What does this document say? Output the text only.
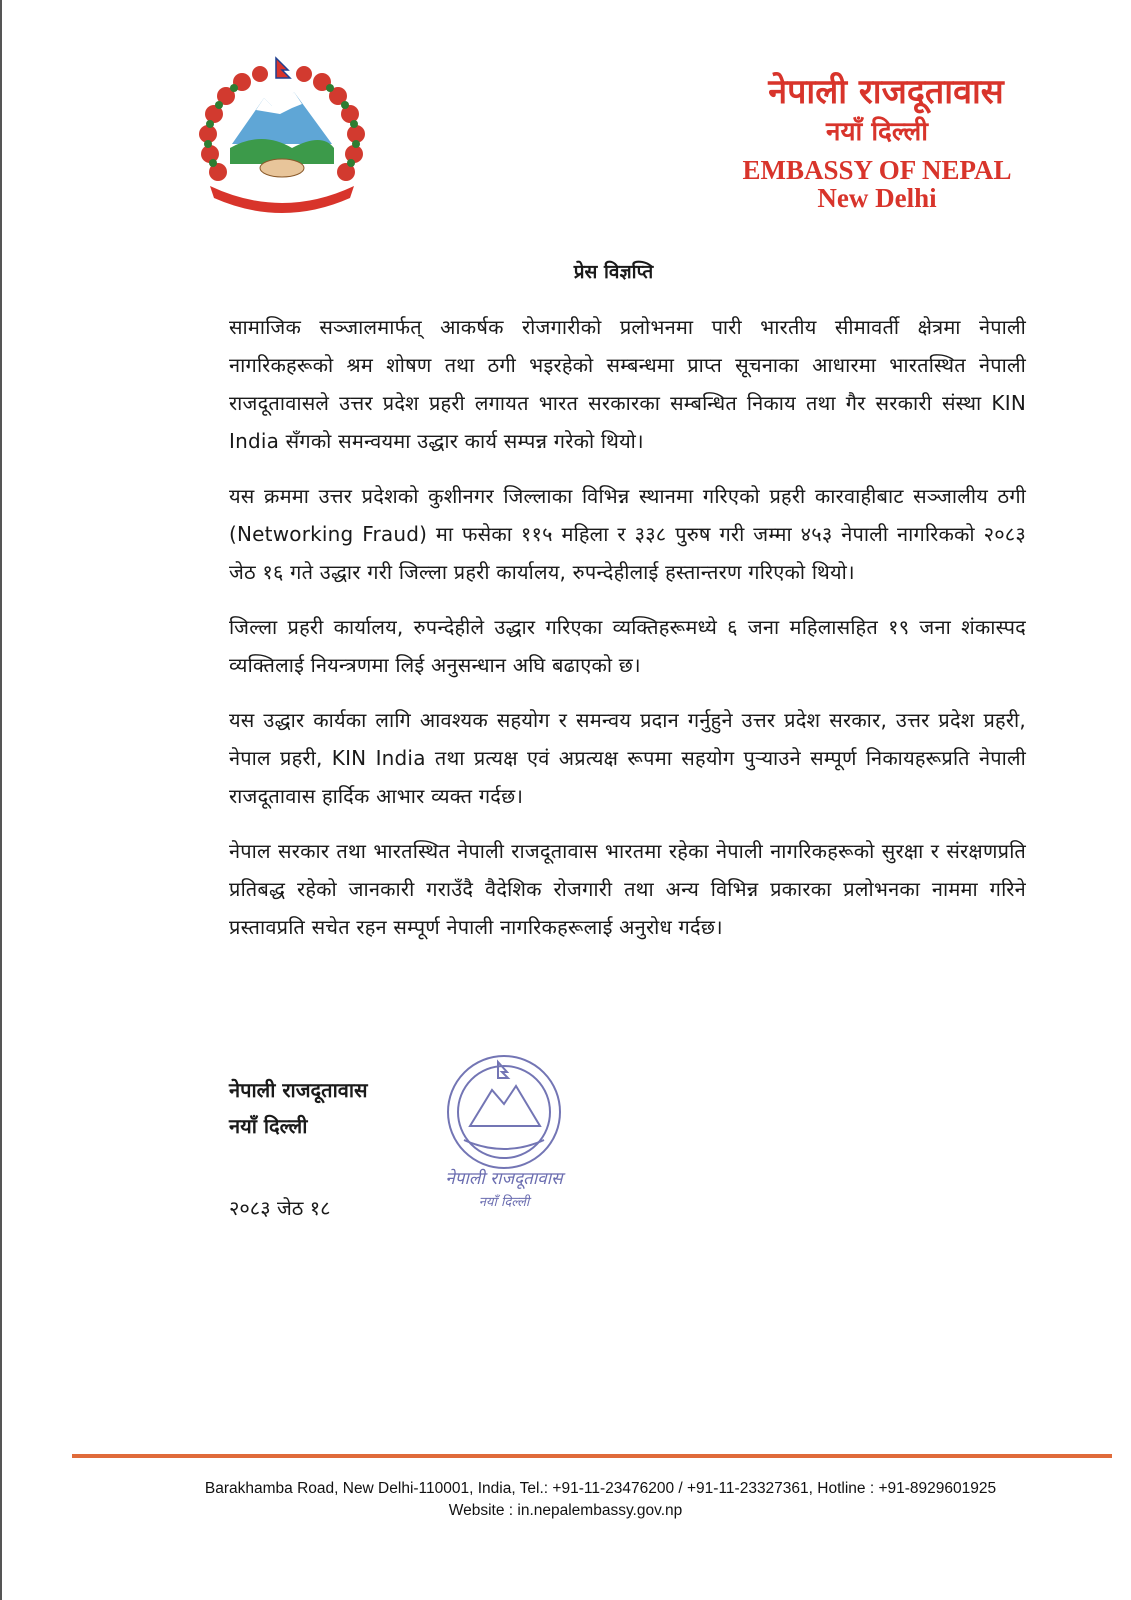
नेपाली राजदूतावास
नयाँ दिल्ली
EMBASSY OF NEPAL
New Delhi
प्रेस विज्ञप्ति

सामाजिक सञ्जालमार्फत् आकर्षक रोजगारीको प्रलोभनमा पारी भारतीय सीमावर्ती क्षेत्रमा नेपाली नागरिकहरूको श्रम शोषण तथा ठगी भइरहेको सम्बन्धमा प्राप्त सूचनाका आधारमा भारतस्थित नेपाली राजदूतावासले उत्तर प्रदेश प्रहरी लगायत भारत सरकारका सम्बन्धित निकाय तथा गैर सरकारी संस्था KIN India सँगको समन्वयमा उद्धार कार्य सम्पन्न गरेको थियो।

यस क्रममा उत्तर प्रदेशको कुशीनगर जिल्लाका विभिन्न स्थानमा गरिएको प्रहरी कारवाहीबाट सञ्जालीय ठगी (Networking Fraud) मा फसेका ११५ महिला र ३३८ पुरुष गरी जम्मा ४५३ नेपाली नागरिकको २०८३ जेठ १६ गते उद्धार गरी जिल्ला प्रहरी कार्यालय, रुपन्देहीलाई हस्तान्तरण गरिएको थियो।

जिल्ला प्रहरी कार्यालय, रुपन्देहीले उद्धार गरिएका व्यक्तिहरूमध्ये ६ जना महिलासहित १९ जना शंकास्पद व्यक्तिलाई नियन्त्रणमा लिई अनुसन्धान अघि बढाएको छ।

यस उद्धार कार्यका लागि आवश्यक सहयोग र समन्वय प्रदान गर्नुहुने उत्तर प्रदेश सरकार, उत्तर प्रदेश प्रहरी, नेपाल प्रहरी, KIN India तथा प्रत्यक्ष एवं अप्रत्यक्ष रूपमा सहयोग पुर्‍याउने सम्पूर्ण निकायहरूप्रति नेपाली राजदूतावास हार्दिक आभार व्यक्त गर्दछ।

नेपाल सरकार तथा भारतस्थित नेपाली राजदूतावास भारतमा रहेका नेपाली नागरिकहरूको सुरक्षा र संरक्षणप्रति प्रतिबद्ध रहेको जानकारी गराउँदै वैदेशिक रोजगारी तथा अन्य विभिन्न प्रकारका प्रलोभनका नाममा गरिने प्रस्तावप्रति सचेत रहन सम्पूर्ण नेपाली नागरिकहरूलाई अनुरोध गर्दछ।

नेपाली राजदूतावास
नयाँ दिल्ली
२०८३ जेठ १८
नेपाली राजदूतावास
नयाँ दिल्ली
Barakhamba Road, New Delhi-110001, India, Tel.: +91-11-23476200 / +91-11-23327361, Hotline : +91-8929601925
Website : in.nepalembassy.gov.np
